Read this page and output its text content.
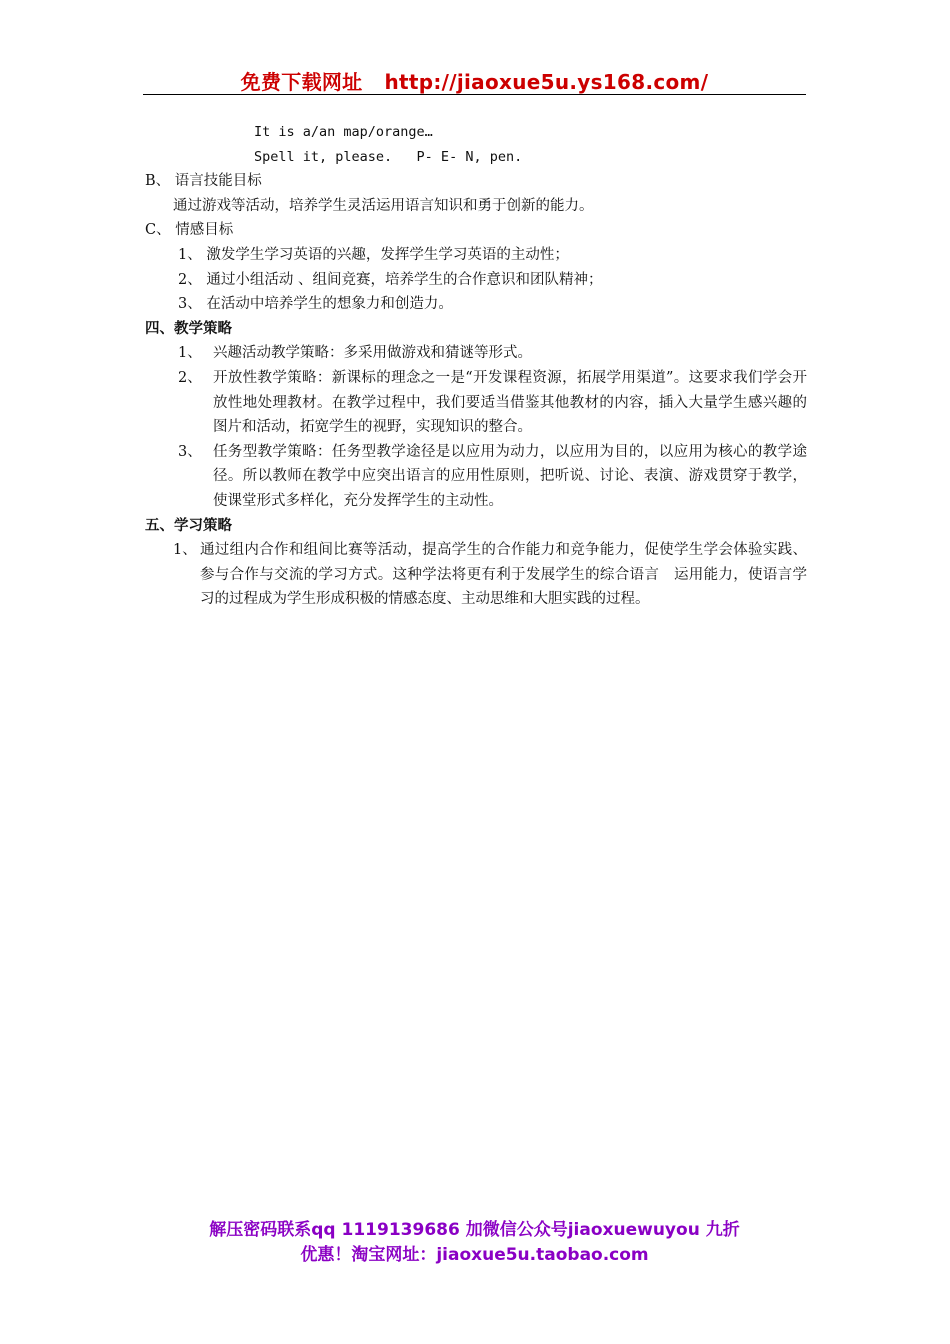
免费下载网址 http://jiaoxue5u.ys168.com/
It is a/an map/orange…
Spell it, please.   P- E- N, pen.
B、 语言技能目标
通过游戏等活动，培养学生灵活运用语言知识和勇于创新的能力。
C、 情感目标
1、 激发学生学习英语的兴趣，发挥学生学习英语的主动性；
2、 通过小组活动 、组间竞赛，培养学生的合作意识和团队精神；
3、 在活动中培养学生的想象力和创造力。
四、教学策略
1、 兴趣活动教学策略：多采用做游戏和猜谜等形式。
2、 开放性教学策略：新课标的理念之一是“开发课程资源，拓展学用渠道”。这要求我们学会开放性地处理教材。在教学过程中，我们要适当借鉴其他教材的内容，插入大量学生感兴趣的图片和活动，拓宽学生的视野，实现知识的整合。
3、 任务型教学策略：任务型教学途径是以应用为动力，以应用为目的，以应用为核心的教学途径。所以教师在教学中应突出语言的应用性原则，把听说、讨论、表演、游戏贯穿于教学，使课堂形式多样化，充分发挥学生的主动性。
五、学习策略
1、 通过组内合作和组间比赛等活动，提高学生的合作能力和竞争能力，促使学生学会体验实践、参与合作与交流的学习方式。这种学法将更有利于发展学生的综合语言　运用能力，使语言学习的过程成为学生形成积极的情感态度、主动思维和大胆实践的过程。
解压密码联系qq 1119139686 加微信公众号jiaoxuewuyou 九折
优惠！淘宝网址：jiaoxue5u.taobao.com
